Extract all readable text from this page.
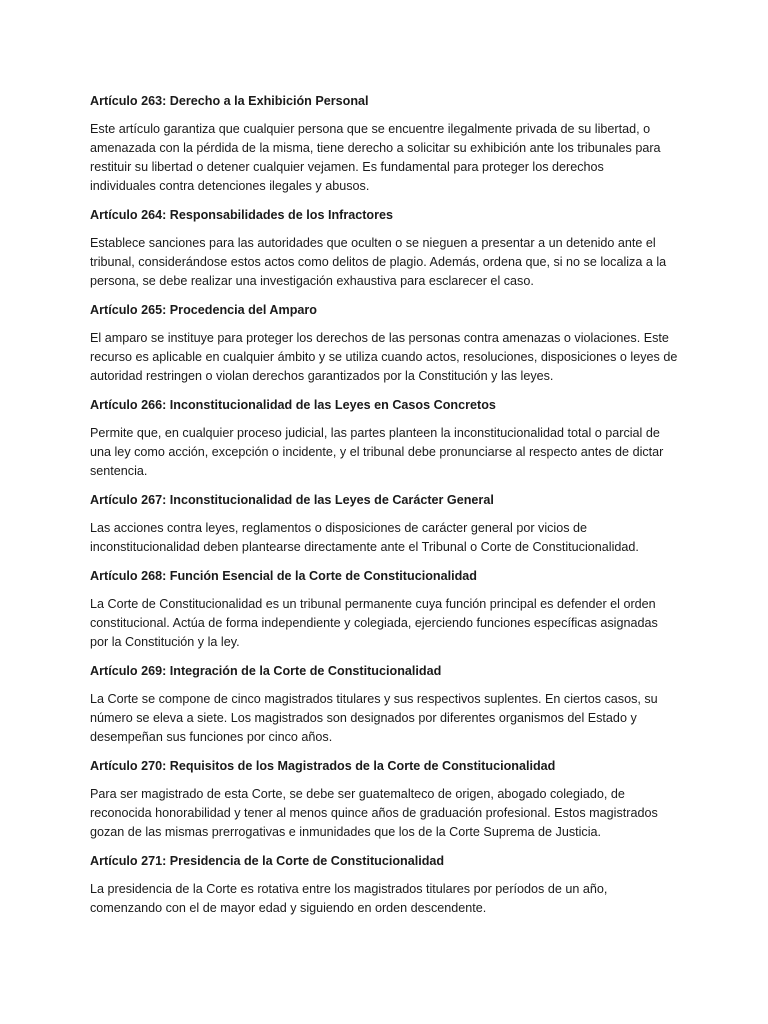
Artículo 263: Derecho a la Exhibición Personal
Este artículo garantiza que cualquier persona que se encuentre ilegalmente privada de su libertad, o
amenazada con la pérdida de la misma, tiene derecho a solicitar su exhibición ante los tribunales para
restituir su libertad o detener cualquier vejamen. Es fundamental para proteger los derechos
individuales contra detenciones ilegales y abusos.
Artículo 264: Responsabilidades de los Infractores
Establece sanciones para las autoridades que oculten o se nieguen a presentar a un detenido ante el
tribunal, considerándose estos actos como delitos de plagio. Además, ordena que, si no se localiza a la
persona, se debe realizar una investigación exhaustiva para esclarecer el caso.
Artículo 265: Procedencia del Amparo
El amparo se instituye para proteger los derechos de las personas contra amenazas o violaciones. Este
recurso es aplicable en cualquier ámbito y se utiliza cuando actos, resoluciones, disposiciones o leyes de
autoridad restringen o violan derechos garantizados por la Constitución y las leyes.
Artículo 266: Inconstitucionalidad de las Leyes en Casos Concretos
Permite que, en cualquier proceso judicial, las partes planteen la inconstitucionalidad total o parcial de
una ley como acción, excepción o incidente, y el tribunal debe pronunciarse al respecto antes de dictar
sentencia.
Artículo 267: Inconstitucionalidad de las Leyes de Carácter General
Las acciones contra leyes, reglamentos o disposiciones de carácter general por vicios de
inconstitucionalidad deben plantearse directamente ante el Tribunal o Corte de Constitucionalidad.
Artículo 268: Función Esencial de la Corte de Constitucionalidad
La Corte de Constitucionalidad es un tribunal permanente cuya función principal es defender el orden
constitucional. Actúa de forma independiente y colegiada, ejerciendo funciones específicas asignadas
por la Constitución y la ley.
Artículo 269: Integración de la Corte de Constitucionalidad
La Corte se compone de cinco magistrados titulares y sus respectivos suplentes. En ciertos casos, su
número se eleva a siete. Los magistrados son designados por diferentes organismos del Estado y
desempeñan sus funciones por cinco años.
Artículo 270: Requisitos de los Magistrados de la Corte de Constitucionalidad
Para ser magistrado de esta Corte, se debe ser guatemalteco de origen, abogado colegiado, de
reconocida honorabilidad y tener al menos quince años de graduación profesional. Estos magistrados
gozan de las mismas prerrogativas e inmunidades que los de la Corte Suprema de Justicia.
Artículo 271: Presidencia de la Corte de Constitucionalidad
La presidencia de la Corte es rotativa entre los magistrados titulares por períodos de un año,
comenzando con el de mayor edad y siguiendo en orden descendente.
